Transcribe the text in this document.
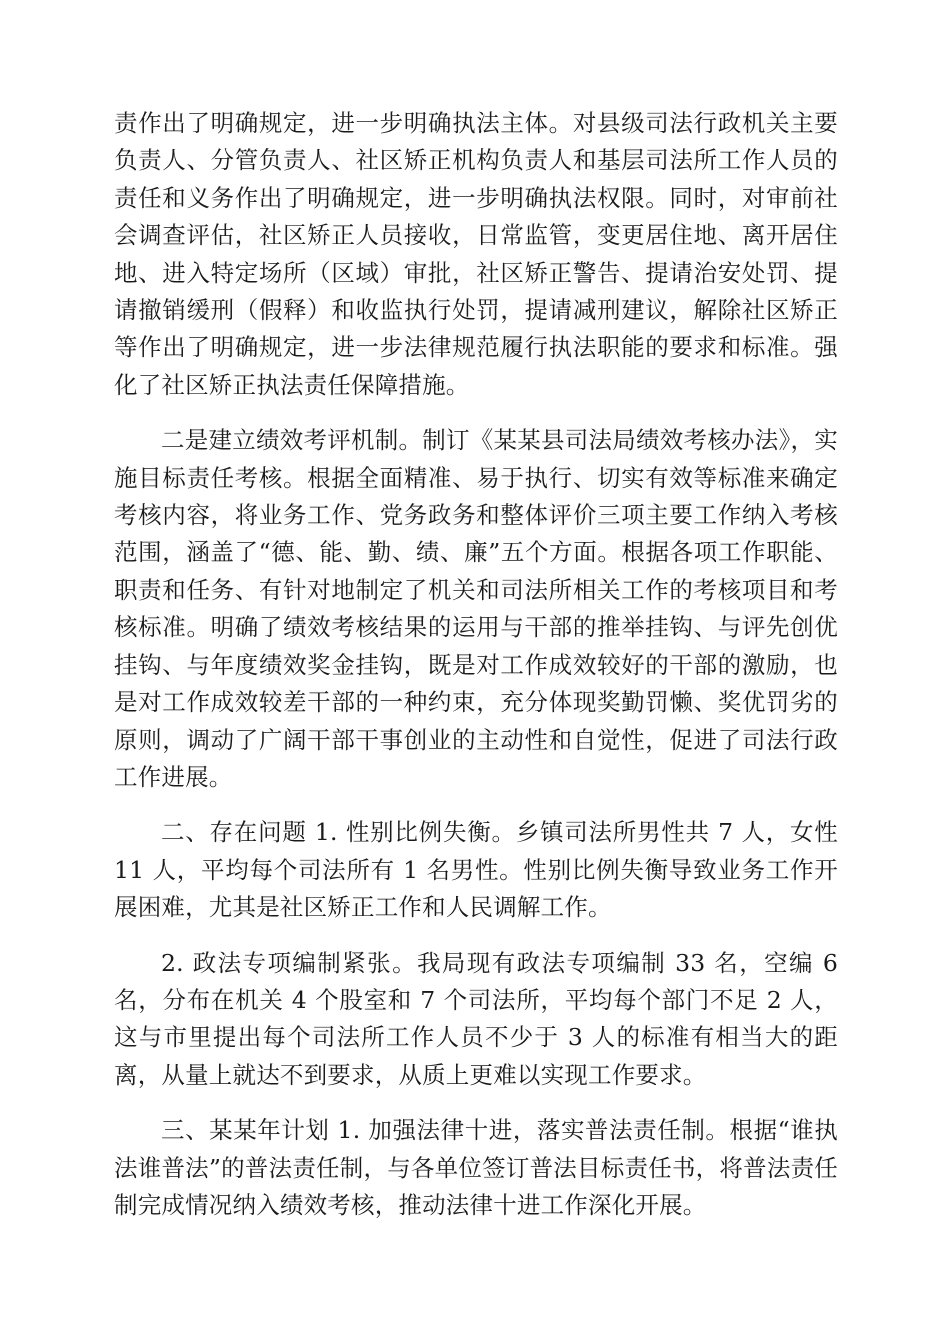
责作出了明确规定，进一步明确执法主体。对县级司法行政机关主要负责人、分管负责人、社区矫正机构负责人和基层司法所工作人员的责任和义务作出了明确规定，进一步明确执法权限。同时，对审前社会调查评估，社区矫正人员接收，日常监管，变更居住地、离开居住地、进入特定场所（区域）审批，社区矫正警告、提请治安处罚、提请撤销缓刑（假释）和收监执行处罚，提请减刑建议，解除社区矫正等作出了明确规定，进一步法律规范履行执法职能的要求和标准。强化了社区矫正执法责任保障措施。

二是建立绩效考评机制。制订《某某县司法局绩效考核办法》，实施目标责任考核。根据全面精准、易于执行、切实有效等标准来确定考核内容，将业务工作、党务政务和整体评价三项主要工作纳入考核范围，涵盖了“德、能、勤、绩、廉”五个方面。根据各项工作职能、职责和任务、有针对地制定了机关和司法所相关工作的考核项目和考核标准。明确了绩效考核结果的运用与干部的推举挂钩、与评先创优挂钩、与年度绩效奖金挂钩，既是对工作成效较好的干部的激励，也是对工作成效较差干部的一种约束，充分体现奖勤罚懒、奖优罚劣的原则，调动了广阔干部干事创业的主动性和自觉性，促进了司法行政工作进展。

二、存在问题 1. 性别比例失衡。乡镇司法所男性共 7 人，女性 11 人，平均每个司法所有 1 名男性。性别比例失衡导致业务工作开展困难，尤其是社区矫正工作和人民调解工作。

2. 政法专项编制紧张。我局现有政法专项编制 33 名，空编 6 名，分布在机关 4 个股室和 7 个司法所，平均每个部门不足 2 人，这与市里提出每个司法所工作人员不少于 3 人的标准有相当大的距离，从量上就达不到要求，从质上更难以实现工作要求。

三、某某年计划 1. 加强法律十进，落实普法责任制。根据“谁执法谁普法”的普法责任制，与各单位签订普法目标责任书，将普法责任制完成情况纳入绩效考核，推动法律十进工作深化开展。
